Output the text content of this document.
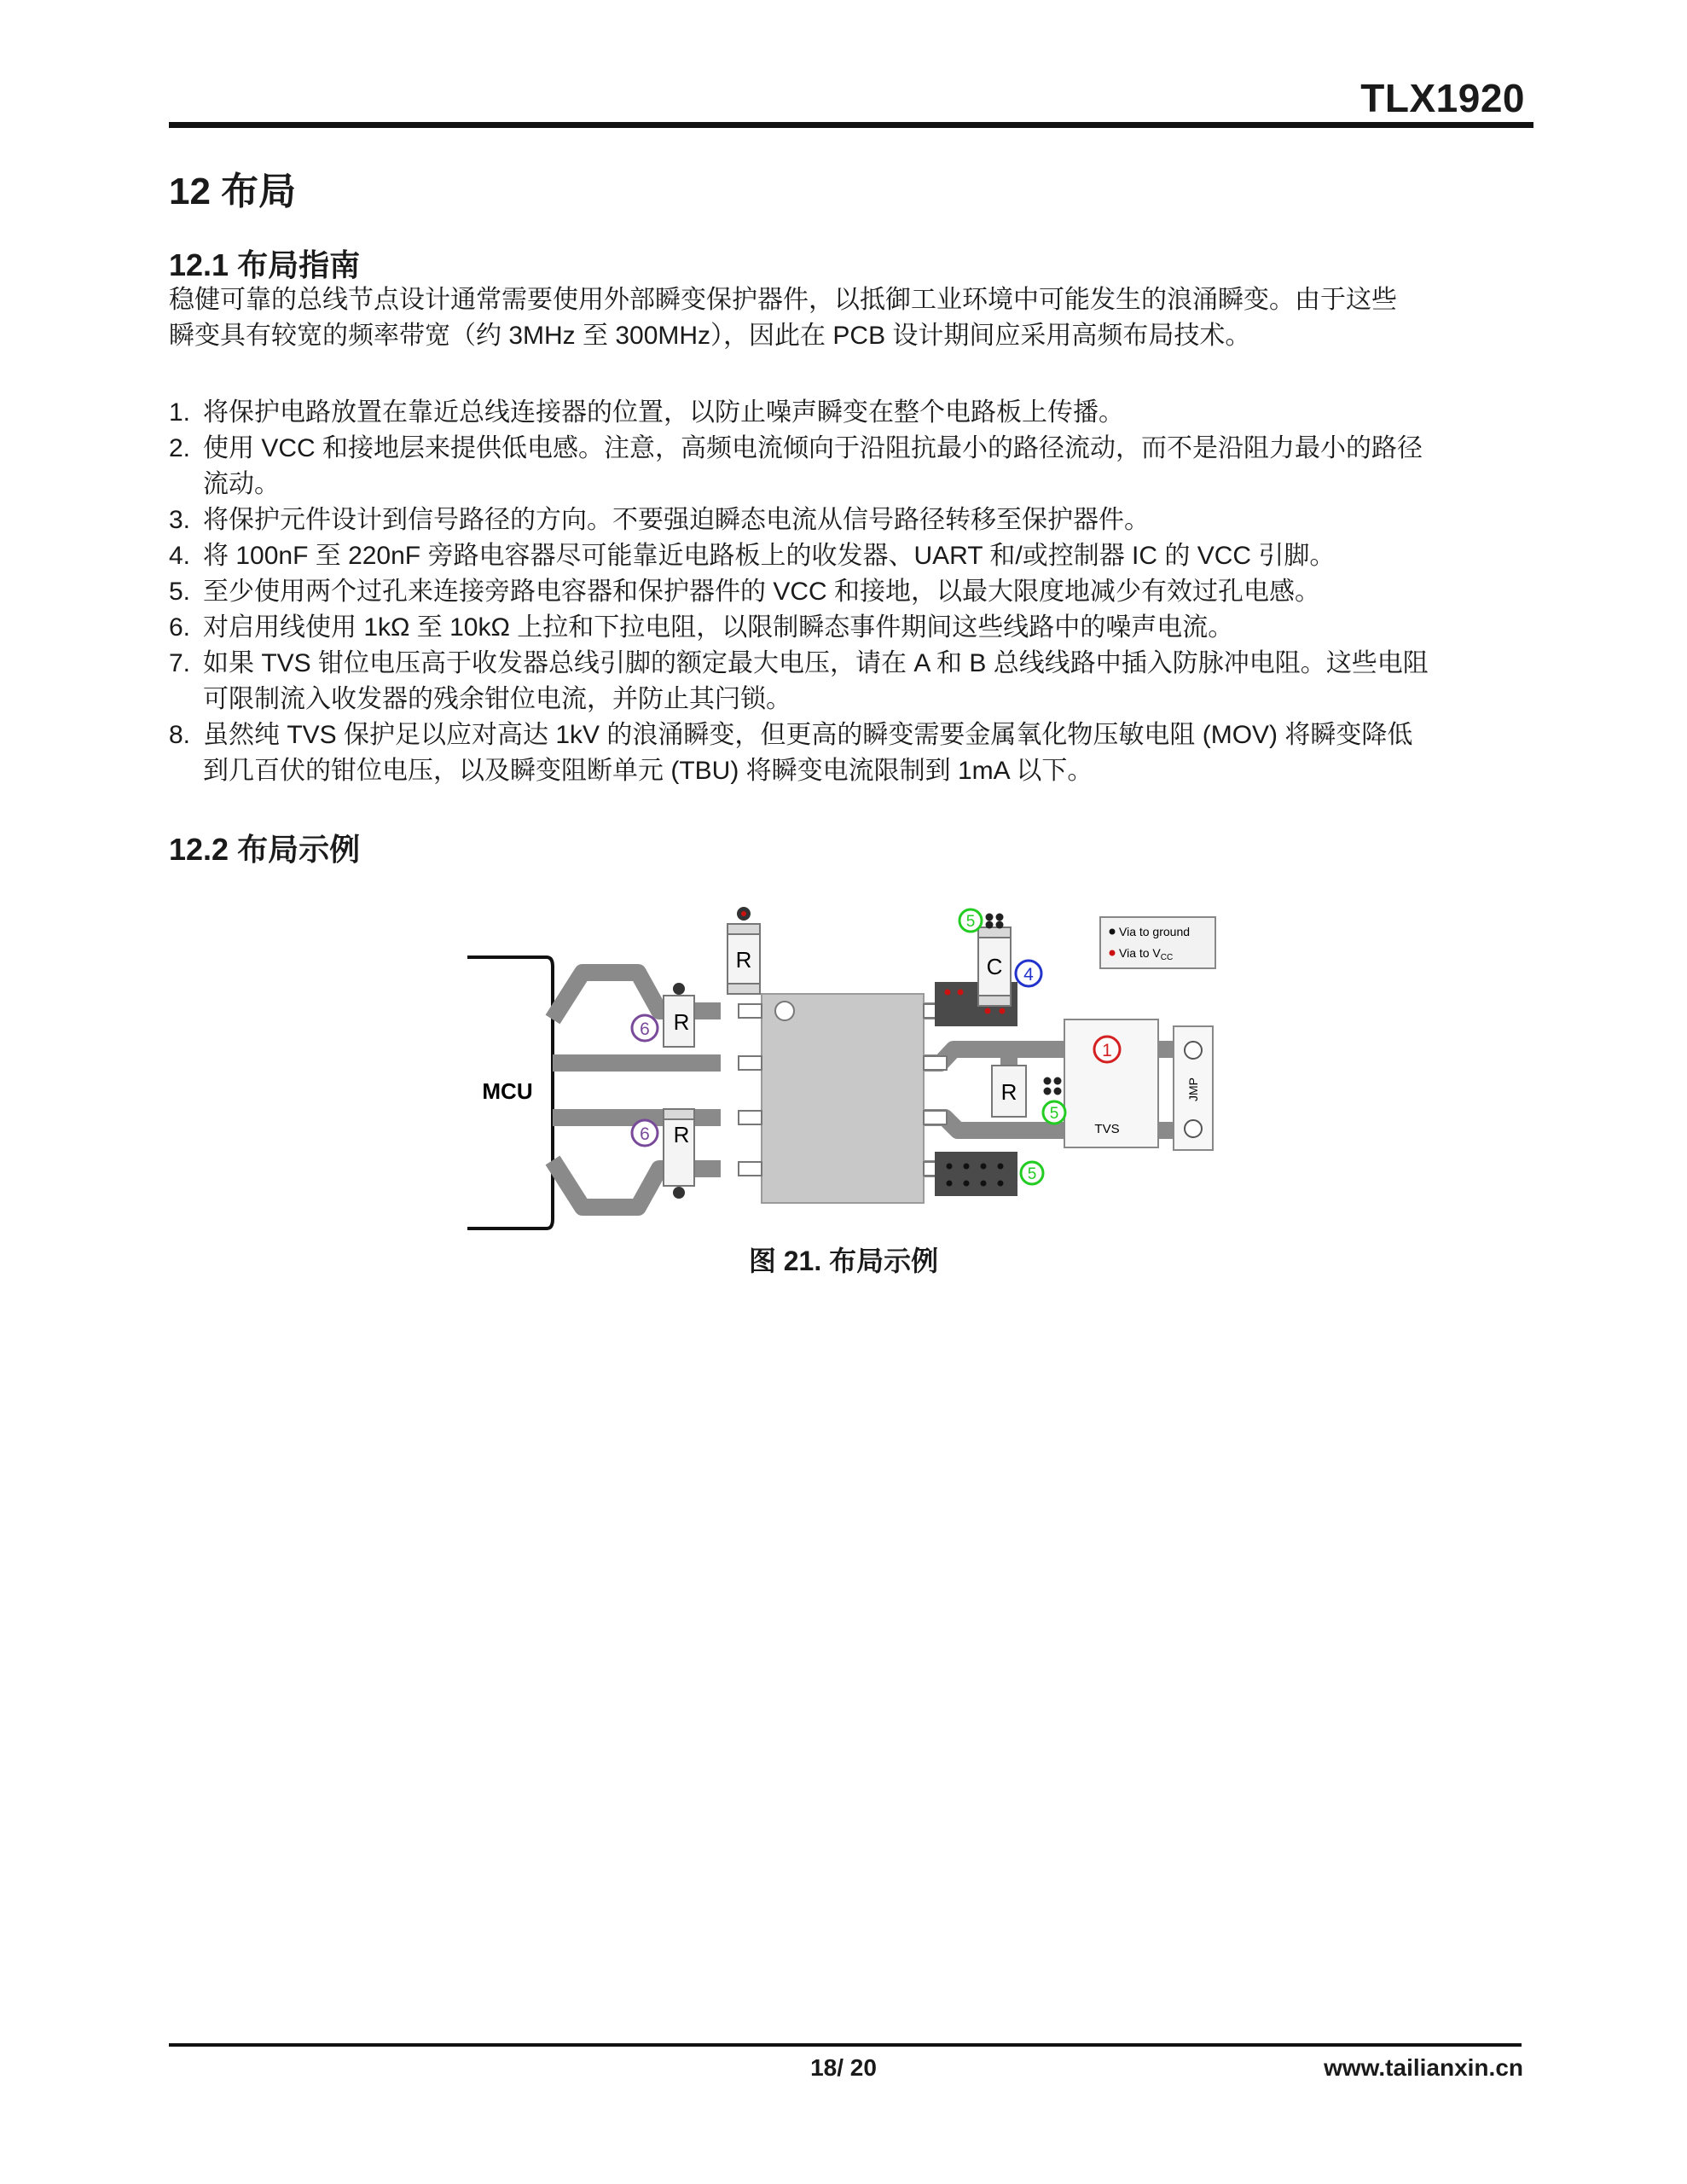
TLX1920
12 布局
12.1 布局指南

稳健可靠的总线节点设计通常需要使用外部瞬变保护器件，以抵御工业环境中可能发生的浪涌瞬变。由于这些
瞬变具有较宽的频率带宽（约 3MHz 至 300MHz），因此在 PCB 设计期间应采用高频布局技术。

1. 将保护电路放置在靠近总线连接器的位置，以防止噪声瞬变在整个电路板上传播。
2. 使用 VCC 和接地层来提供低电感。注意，高频电流倾向于沿阻抗最小的路径流动，而不是沿阻力最小的路径
流动。
3. 将保护元件设计到信号路径的方向。不要强迫瞬态电流从信号路径转移至保护器件。
4. 将 100nF 至 220nF 旁路电容器尽可能靠近电路板上的收发器、UART 和/或控制器 IC 的 VCC 引脚。
5. 至少使用两个过孔来连接旁路电容器和保护器件的 VCC 和接地，以最大限度地减少有效过孔电感。
6. 对启用线使用 1kΩ 至 10kΩ 上拉和下拉电阻，以限制瞬态事件期间这些线路中的噪声电流。
7. 如果 TVS 钳位电压高于收发器总线引脚的额定最大电压，请在 A 和 B 总线线路中插入防脉冲电阻。这些电阻
可限制流入收发器的残余钳位电流，并防止其闩锁。
8. 虽然纯 TVS 保护足以应对高达 1kV 的浪涌瞬变，但更高的瞬变需要金属氧化物压敏电阻 (MOV) 将瞬变降低
到几百伏的钳位电压，以及瞬变阻断单元 (TBU) 将瞬变电流限制到 1mA 以下。
12.2 布局示例
MCU
R
R
6
R
6
C
5
4
5
R
5
1
TVS
JMP
Via to ground
Via to $V_{CC}$
图 21. 布局示例
18/ 20	www.tailianxin.cn
